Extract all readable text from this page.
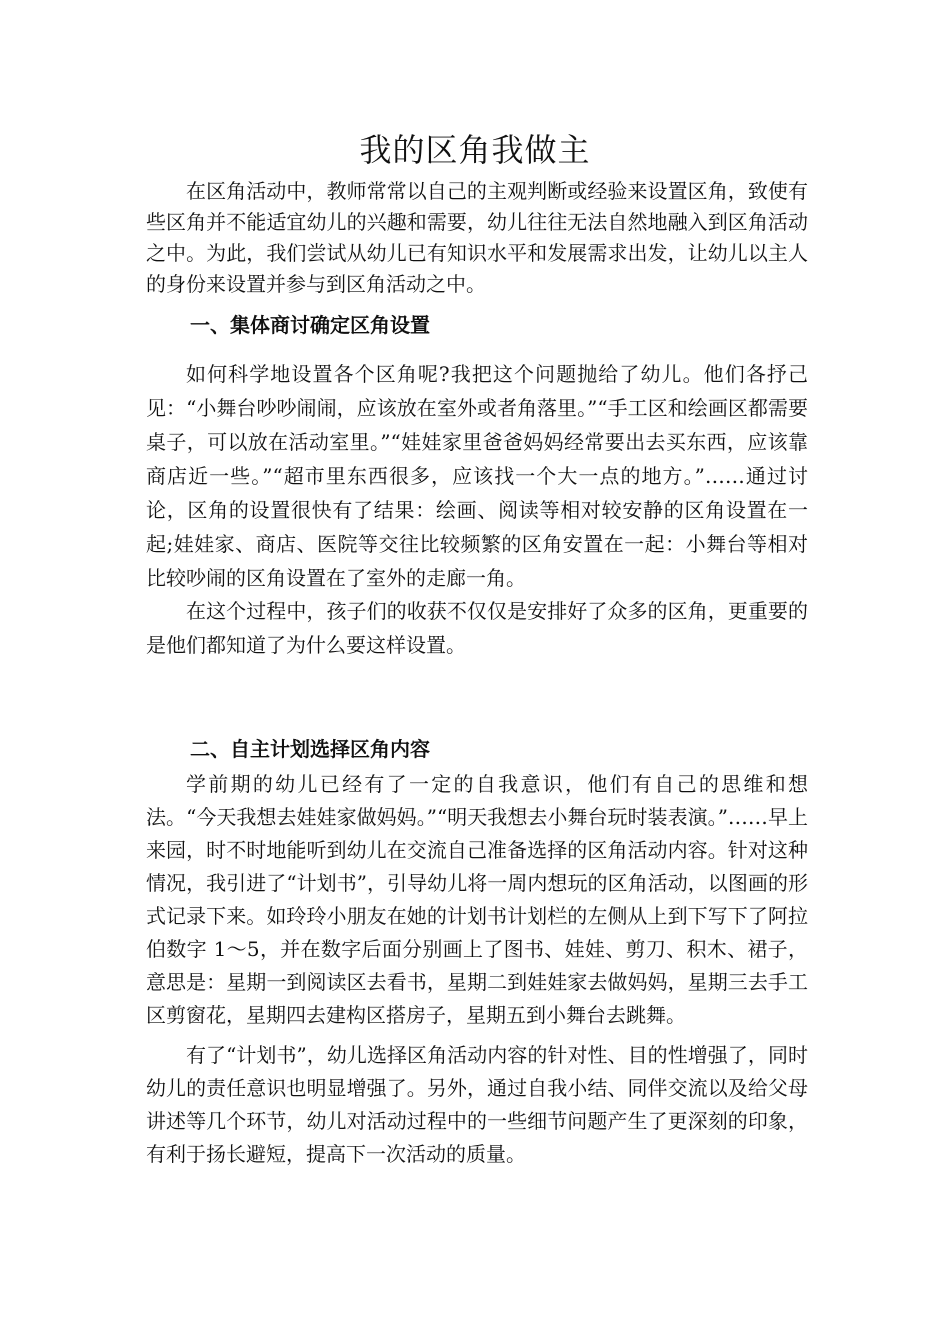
我的区角我做主

在区角活动中，教师常常以自己的主观判断或经验来设置区角，致使有些区角并不能适宜幼儿的兴趣和需要，幼儿往往无法自然地融入到区角活动之中。为此，我们尝试从幼儿已有知识水平和发展需求出发，让幼儿以主人的身份来设置并参与到区角活动之中。

一、集体商讨确定区角设置

如何科学地设置各个区角呢?我把这个问题抛给了幼儿。他们各抒己见：“小舞台吵吵闹闹，应该放在室外或者角落里。”“手工区和绘画区都需要桌子，可以放在活动室里。”“娃娃家里爸爸妈妈经常要出去买东西，应该靠商店近一些。”“超市里东西很多，应该找一个大一点的地方。”……通过讨论，区角的设置很快有了结果：绘画、阅读等相对较安静的区角设置在一起;娃娃家、商店、医院等交往比较频繁的区角安置在一起：小舞台等相对比较吵闹的区角设置在了室外的走廊一角。

在这个过程中，孩子们的收获不仅仅是安排好了众多的区角，更重要的是他们都知道了为什么要这样设置。

二、自主计划选择区角内容

学前期的幼儿已经有了一定的自我意识，他们有自己的思维和想法。“今天我想去娃娃家做妈妈。”“明天我想去小舞台玩时装表演。”……早上来园，时不时地能听到幼儿在交流自己准备选择的区角活动内容。针对这种情况，我引进了“计划书”，引导幼儿将一周内想玩的区角活动，以图画的形式记录下来。如玲玲小朋友在她的计划书计划栏的左侧从上到下写下了阿拉伯数字 1～5，并在数字后面分别画上了图书、娃娃、剪刀、积木、裙子，意思是：星期一到阅读区去看书，星期二到娃娃家去做妈妈，星期三去手工区剪窗花，星期四去建构区搭房子，星期五到小舞台去跳舞。

有了“计划书”，幼儿选择区角活动内容的针对性、目的性增强了，同时幼儿的责任意识也明显增强了。另外，通过自我小结、同伴交流以及给父母讲述等几个环节，幼儿对活动过程中的一些细节问题产生了更深刻的印象，有利于扬长避短，提高下一次活动的质量。
